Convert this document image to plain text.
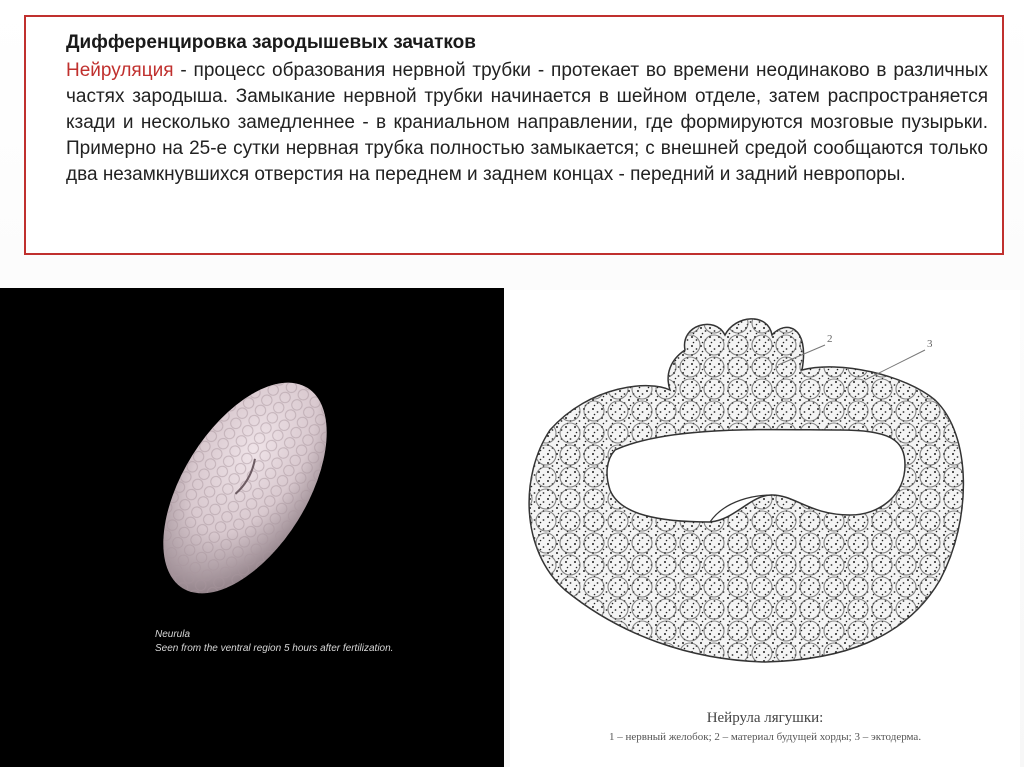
Дифференцировка зародышевых зачатков

Нейруляция - процесс образования нервной трубки - протекает во времени неодинаково в различных частях зародыша. Замыкание нервной трубки начинается в шейном отделе, затем распространяется кзади и несколько замедленнее - в краниальном направлении, где формируются мозговые пузырьки. Примерно на 25-е сутки нервная трубка полностью замыкается; с внешней средой сообщаются только два незамкнувшихся отверстия на переднем и заднем концах - передний и задний невропоры.

Neurula
Seen from the ventral region 5 hours after fertilization.
2	3
Нейрула лягушки:
1 – нервный желобок; 2 – материал будущей хорды; 3 – эктодерма.
